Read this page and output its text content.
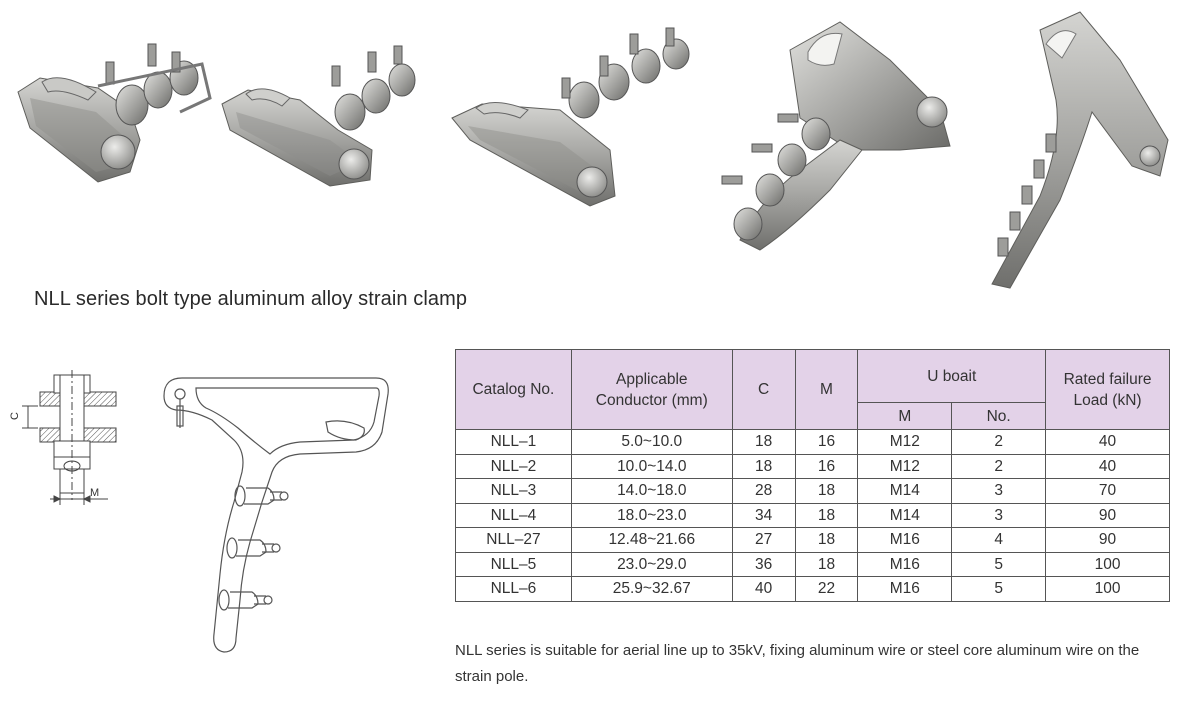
NLL series bolt type aluminum alloy strain clamp
C
M
Catalog No.	Applicable Conductor (mm)	C	M	U boait		Rated failure Load (kN)
				M	No.	
NLL–1	5.0~10.0	18	16	M12	2	40
NLL–2	10.0~14.0	18	16	M12	2	40
NLL–3	14.0~18.0	28	18	M14	3	70
NLL–4	18.0~23.0	34	18	M14	3	90
NLL–27	12.48~21.66	27	18	M16	4	90
NLL–5	23.0~29.0	36	18	M16	5	100
NLL–6	25.9~32.67	40	22	M16	5	100
NLL series is suitable for aerial line up to 35kV, fixing aluminum wire or steel core aluminum wire on the strain pole.
